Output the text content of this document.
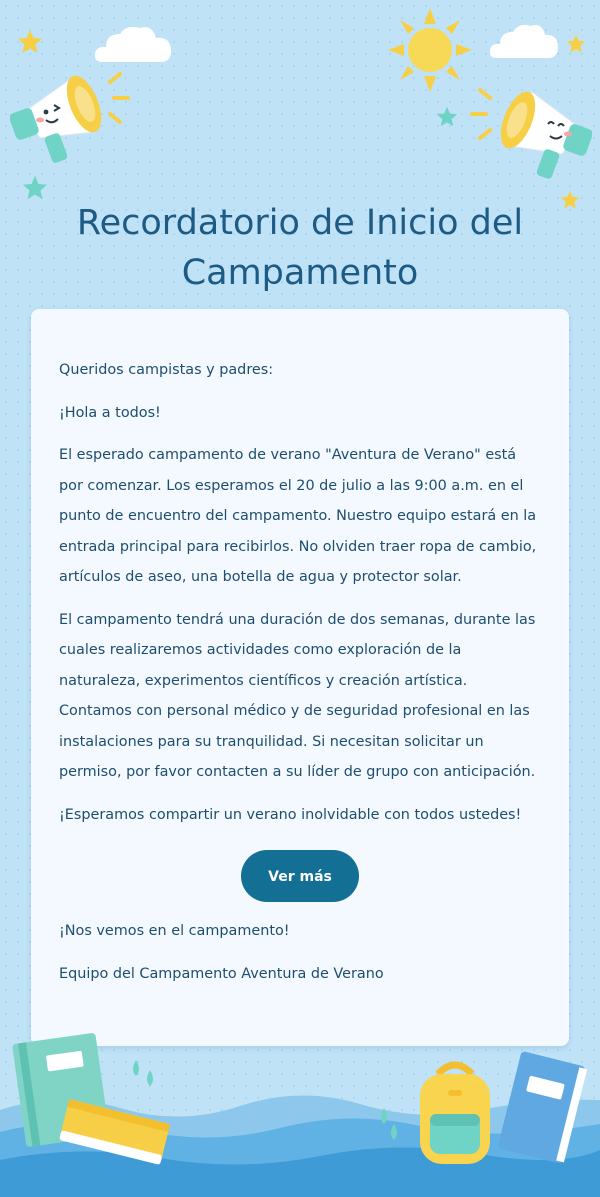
Recordatorio de Inicio del Campamento

Queridos campistas y padres:

¡Hola a todos!

El esperado campamento de verano "Aventura de Verano" está por comenzar. Los esperamos el 20 de julio a las 9:00 a.m. en el punto de encuentro del campamento. Nuestro equipo estará en la entrada principal para recibirlos. No olviden traer ropa de cambio, artículos de aseo, una botella de agua y protector solar.

El campamento tendrá una duración de dos semanas, durante las cuales realizaremos actividades como exploración de la naturaleza, experimentos científicos y creación artística. Contamos con personal médico y de seguridad profesional en las instalaciones para su tranquilidad. Si necesitan solicitar un permiso, por favor contacten a su líder de grupo con anticipación.

¡Esperamos compartir un verano inolvidable con todos ustedes!

Ver más

¡Nos vemos en el campamento!

Equipo del Campamento Aventura de Verano
